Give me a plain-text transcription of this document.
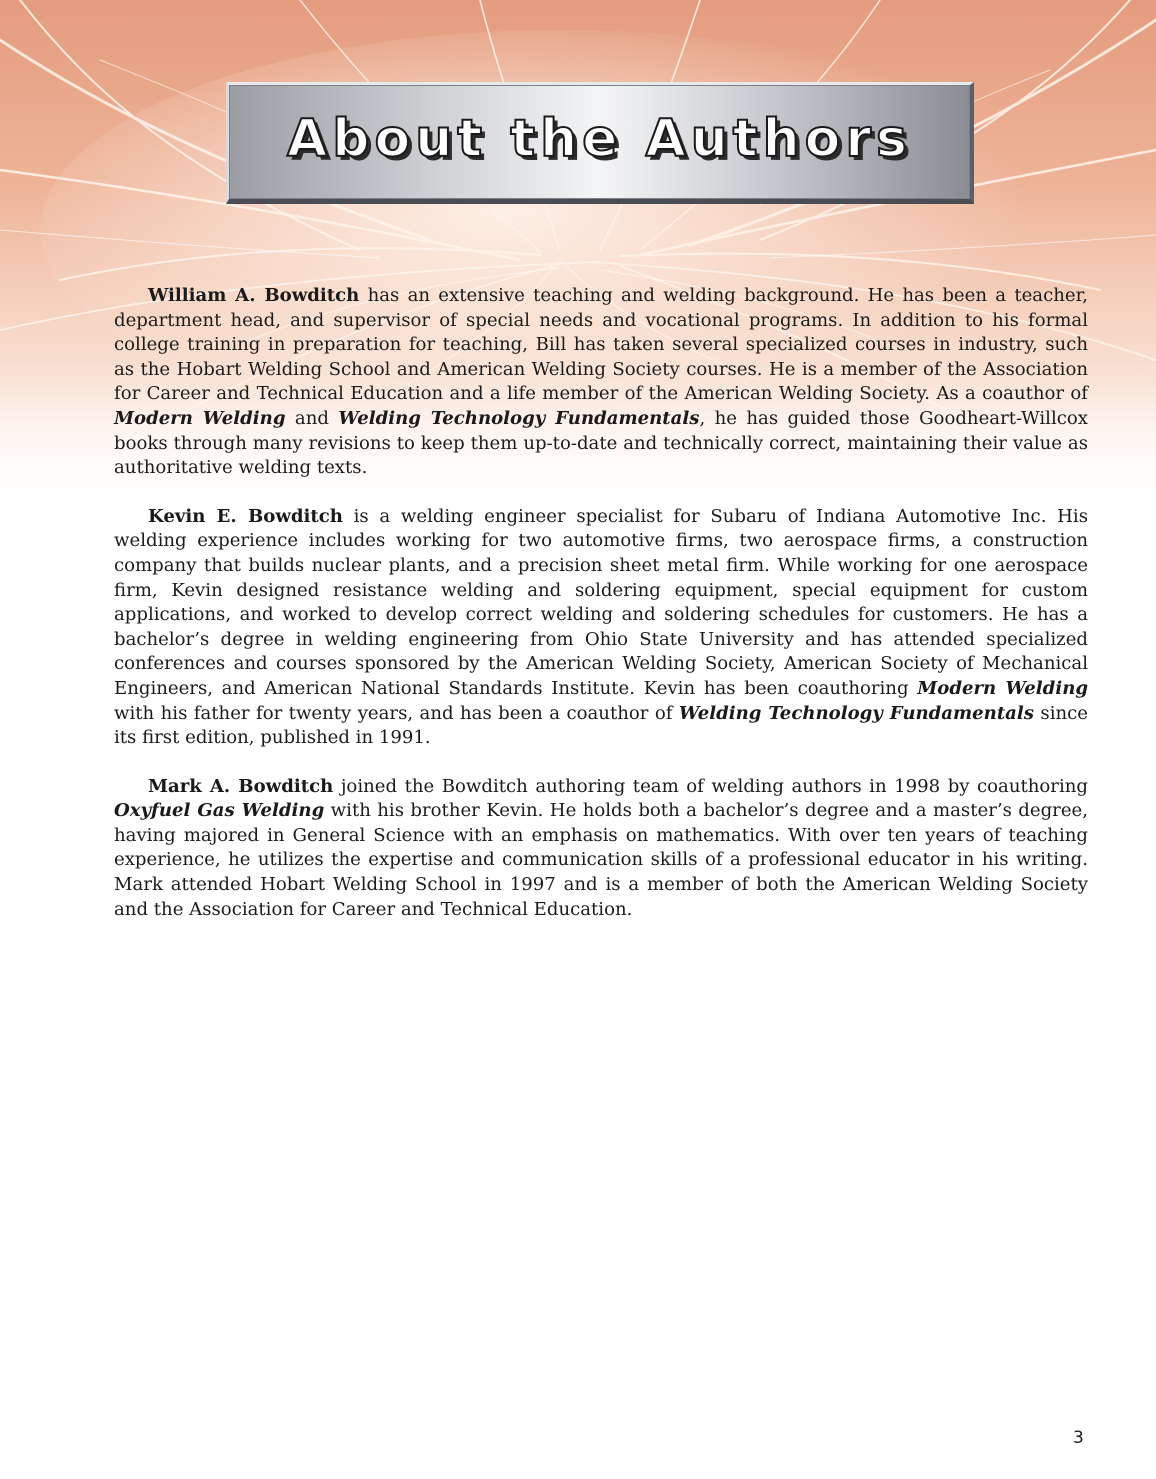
About the Authors

William A. Bowditch has an extensive teaching and welding background. He has been a teacher, department head, and supervisor of special needs and vocational programs. In addition to his formal college training in preparation for teaching, Bill has taken several specialized courses in industry, such as the Hobart Welding School and American Welding Society courses. He is a member of the Association for Career and Technical Education and a life member of the American Welding Society. As a coauthor of Modern Welding and Welding Technology Fundamentals, he has guided those Goodheart-Willcox books through many revisions to keep them up-to-date and technically correct, maintaining their value as authoritative welding texts.

Kevin E. Bowditch is a welding engineer specialist for Subaru of Indiana Automotive Inc. His welding experience includes working for two automotive firms, two aerospace firms, a construction company that builds nuclear plants, and a precision sheet metal firm. While working for one aerospace firm, Kevin designed resistance welding and soldering equipment, special equipment for custom applications, and worked to develop correct welding and soldering schedules for customers. He has a bachelor’s degree in welding engineering from Ohio State University and has attended specialized conferences and courses sponsored by the American Welding Society, American Society of Mechanical Engineers, and American National Standards Institute. Kevin has been coauthoring Modern Welding with his father for twenty years, and has been a coauthor of Welding Technology Fundamentals since its first edition, published in 1991.

Mark A. Bowditch joined the Bowditch authoring team of welding authors in 1998 by coauthoring Oxyfuel Gas Welding with his brother Kevin. He holds both a bachelor’s degree and a master’s degree, having majored in General Science with an emphasis on mathematics. With over ten years of teaching experience, he utilizes the expertise and communication skills of a professional educator in his writing. Mark attended Hobart Welding School in 1997 and is a member of both the American Welding Society and the Association for Career and Technical Education.

3
